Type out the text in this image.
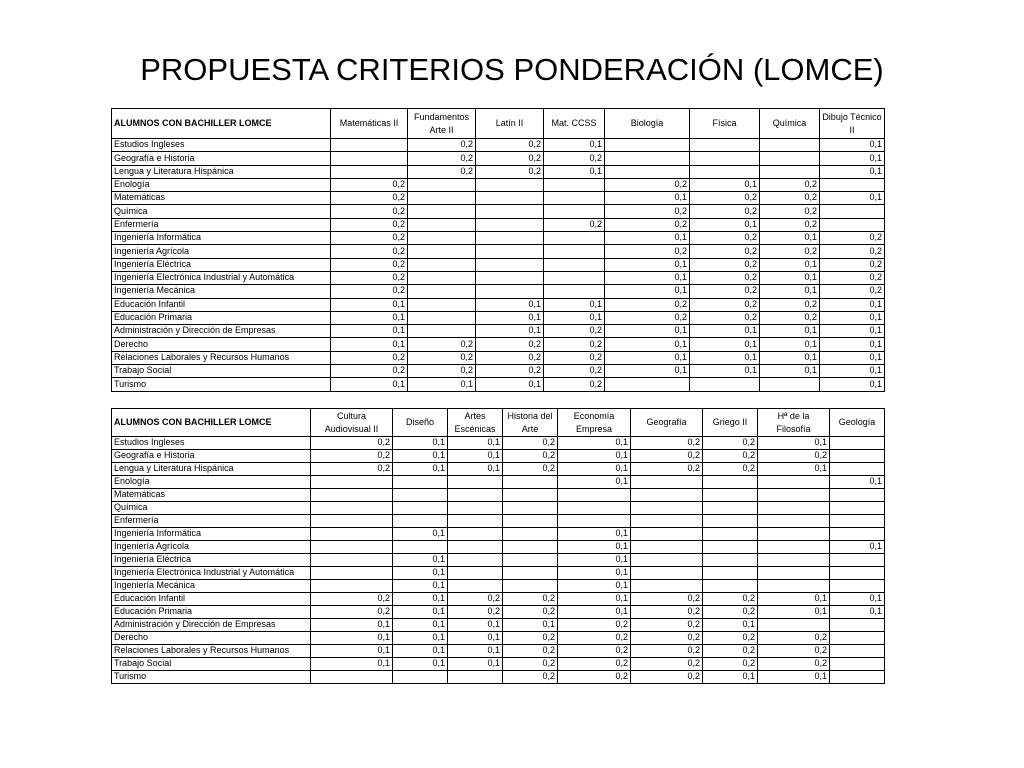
PROPUESTA CRITERIOS PONDERACIÓN (LOMCE)
ALUMNOS CON BACHILLER LOMCE	Matemáticas II	Fundamentos Arte II	Latín II	Mat. CCSS	Biología	Física	Química	Dibujo Técnico II
Estudios Ingleses		0,2	0,2	0,1				0,1
Geografía e Historia		0,2	0,2	0,2				0,1
Lengua y Literatura Hispánica		0,2	0,2	0,1				0,1
Enología	0,2				0,2	0,1	0,2	
Matemáticas	0,2				0,1	0,2	0,2	0,1
Química	0,2				0,2	0,2	0,2	
Enfermería	0,2			0,2	0,2	0,1	0,2	
Ingeniería Informática	0,2				0,1	0,2	0,1	0,2
Ingeniería Agrícola	0,2				0,2	0,2	0,2	0,2
Ingeniería Eléctrica	0,2				0,1	0,2	0,1	0,2
Ingeniería Electrónica Industrial y Automática	0,2				0,1	0,2	0,1	0,2
Ingeniería Mecánica	0,2				0,1	0,2	0,1	0,2
Educación Infantil	0,1		0,1	0,1	0,2	0,2	0,2	0,1
Educación Primaria	0,1		0,1	0,1	0,2	0,2	0,2	0,1
Administración y Dirección de Empresas	0,1		0,1	0,2	0,1	0,1	0,1	0,1
Derecho	0,1	0,2	0,2	0,2	0,1	0,1	0,1	0,1
Relaciones Laborales y Recursos Humanos	0,2	0,2	0,2	0,2	0,1	0,1	0,1	0,1
Trabajo Social	0,2	0,2	0,2	0,2	0,1	0,1	0,1	0,1
Turismo	0,1	0,1	0,1	0,2				0,1
ALUMNOS CON BACHILLER LOMCE	Cultura Audiovisual II	Diseño	Artes Escénicas	Historia del Arte	Economía Empresa	Geografía	Griego II	Hª de la Filosofía	Geología
Estudios Ingleses	0,2	0,1	0,1	0,2	0,1	0,2	0,2	0,1	
Geografía e Historia	0,2	0,1	0,1	0,2	0,1	0,2	0,2	0,2	
Lengua y Literatura Hispánica	0,2	0,1	0,1	0,2	0,1	0,2	0,2	0,1	
Enología					0,1				0,1
Matemáticas									
Química									
Enfermería									
Ingeniería Informática		0,1			0,1				
Ingeniería Agrícola					0,1				0,1
Ingeniería Eléctrica		0,1			0,1				
Ingeniería Electrónica Industrial y Automática		0,1			0,1				
Ingeniería Mecánica		0,1			0,1				
Educación Infantil	0,2	0,1	0,2	0,2	0,1	0,2	0,2	0,1	0,1
Educación Primaria	0,2	0,1	0,2	0,2	0,1	0,2	0,2	0,1	0,1
Administración y Dirección de Empresas	0,1	0,1	0,1	0,1	0,2	0,2	0,1		
Derecho	0,1	0,1	0,1	0,2	0,2	0,2	0,2	0,2	
Relaciones Laborales y Recursos Humanos	0,1	0,1	0,1	0,2	0,2	0,2	0,2	0,2	
Trabajo Social	0,1	0,1	0,1	0,2	0,2	0,2	0,2	0,2	
Turismo				0,2	0,2	0,2	0,1	0,1	
